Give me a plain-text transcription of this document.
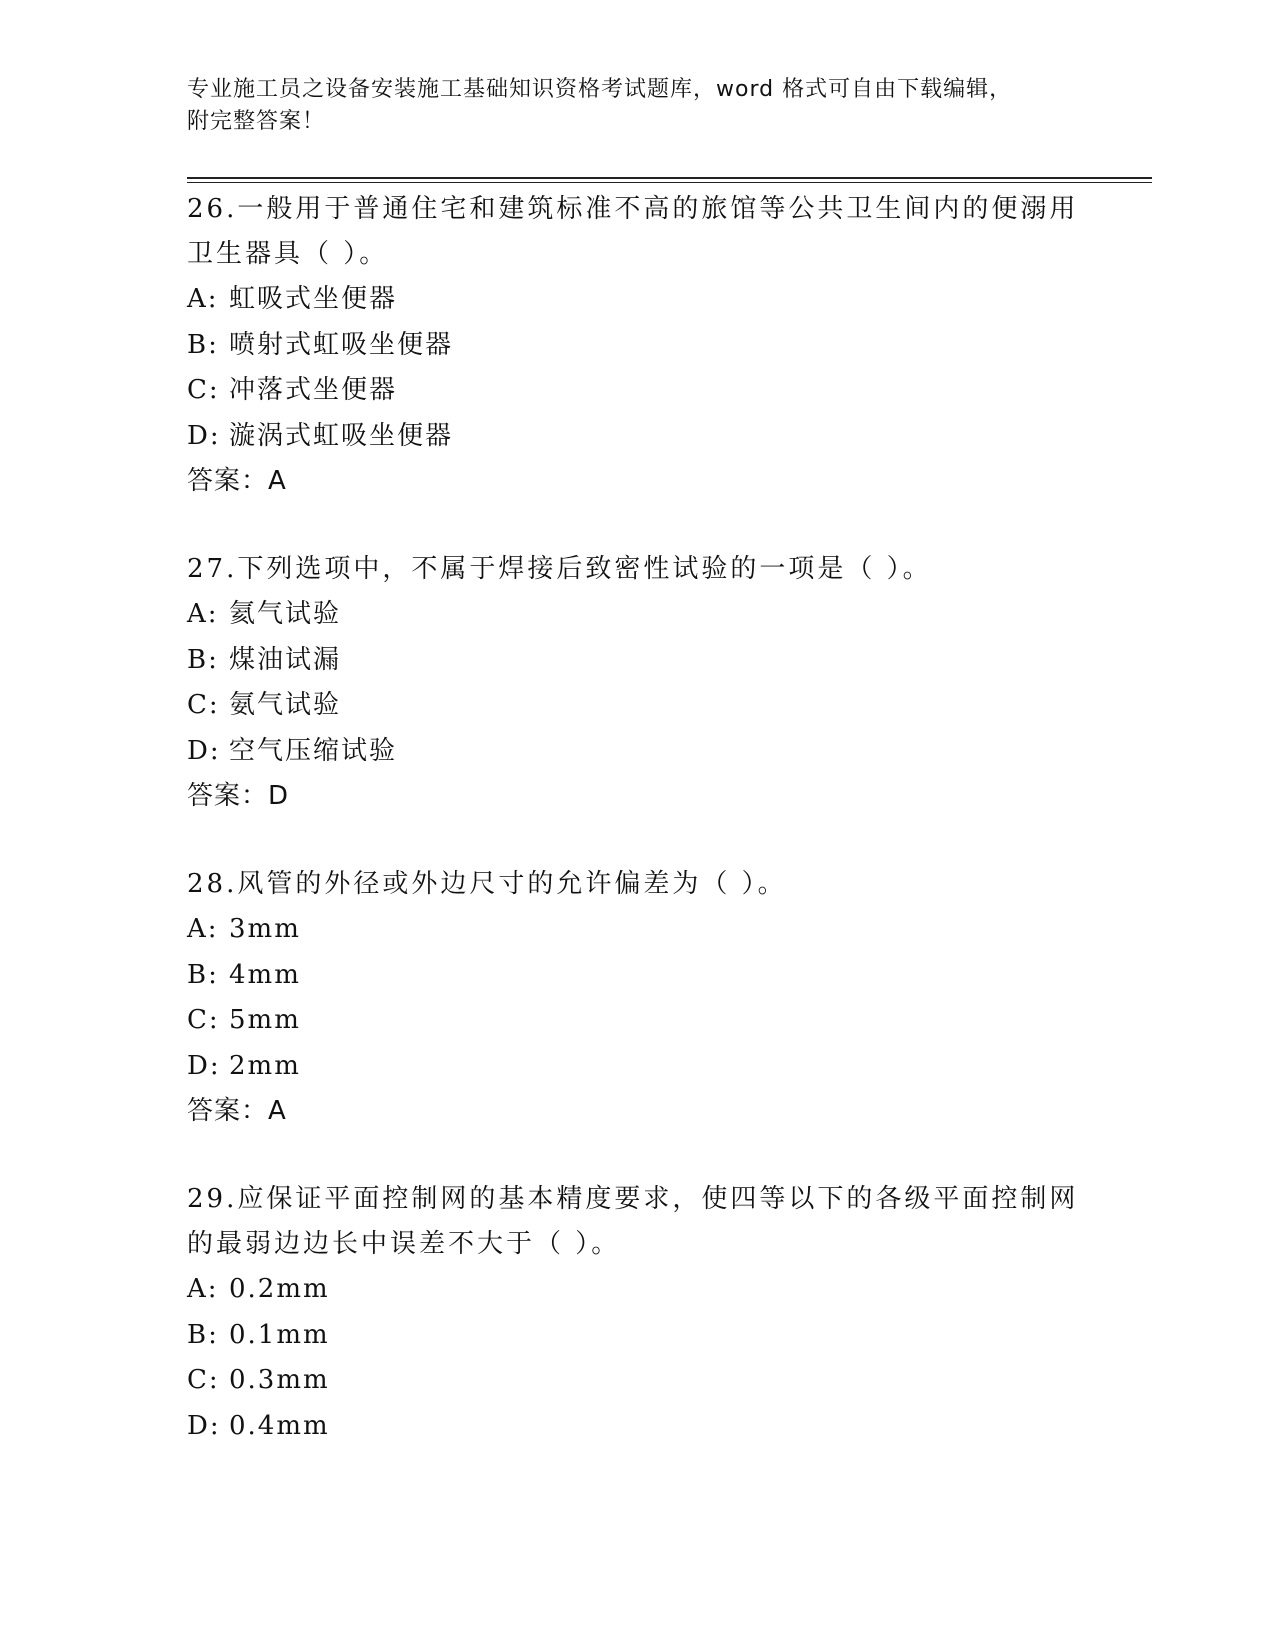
专业施工员之设备安装施工基础知识资格考试题库，word 格式可自由下载编辑，
附完整答案！
26.一般用于普通住宅和建筑标准不高的旅馆等公共卫生间内的便溺用
卫生器具（ ）。
A: 虹吸式坐便器
B: 喷射式虹吸坐便器
C: 冲落式坐便器
D: 漩涡式虹吸坐便器
答案：A
27.下列选项中，不属于焊接后致密性试验的一项是（ ）。
A: 氦气试验
B: 煤油试漏
C: 氨气试验
D: 空气压缩试验
答案：D
28.风管的外径或外边尺寸的允许偏差为（ ）。
A: 3mm
B: 4mm
C: 5mm
D: 2mm
答案：A
29.应保证平面控制网的基本精度要求，使四等以下的各级平面控制网
的最弱边边长中误差不大于（ ）。
A: 0.2mm
B: 0.1mm
C: 0.3mm
D: 0.4mm
